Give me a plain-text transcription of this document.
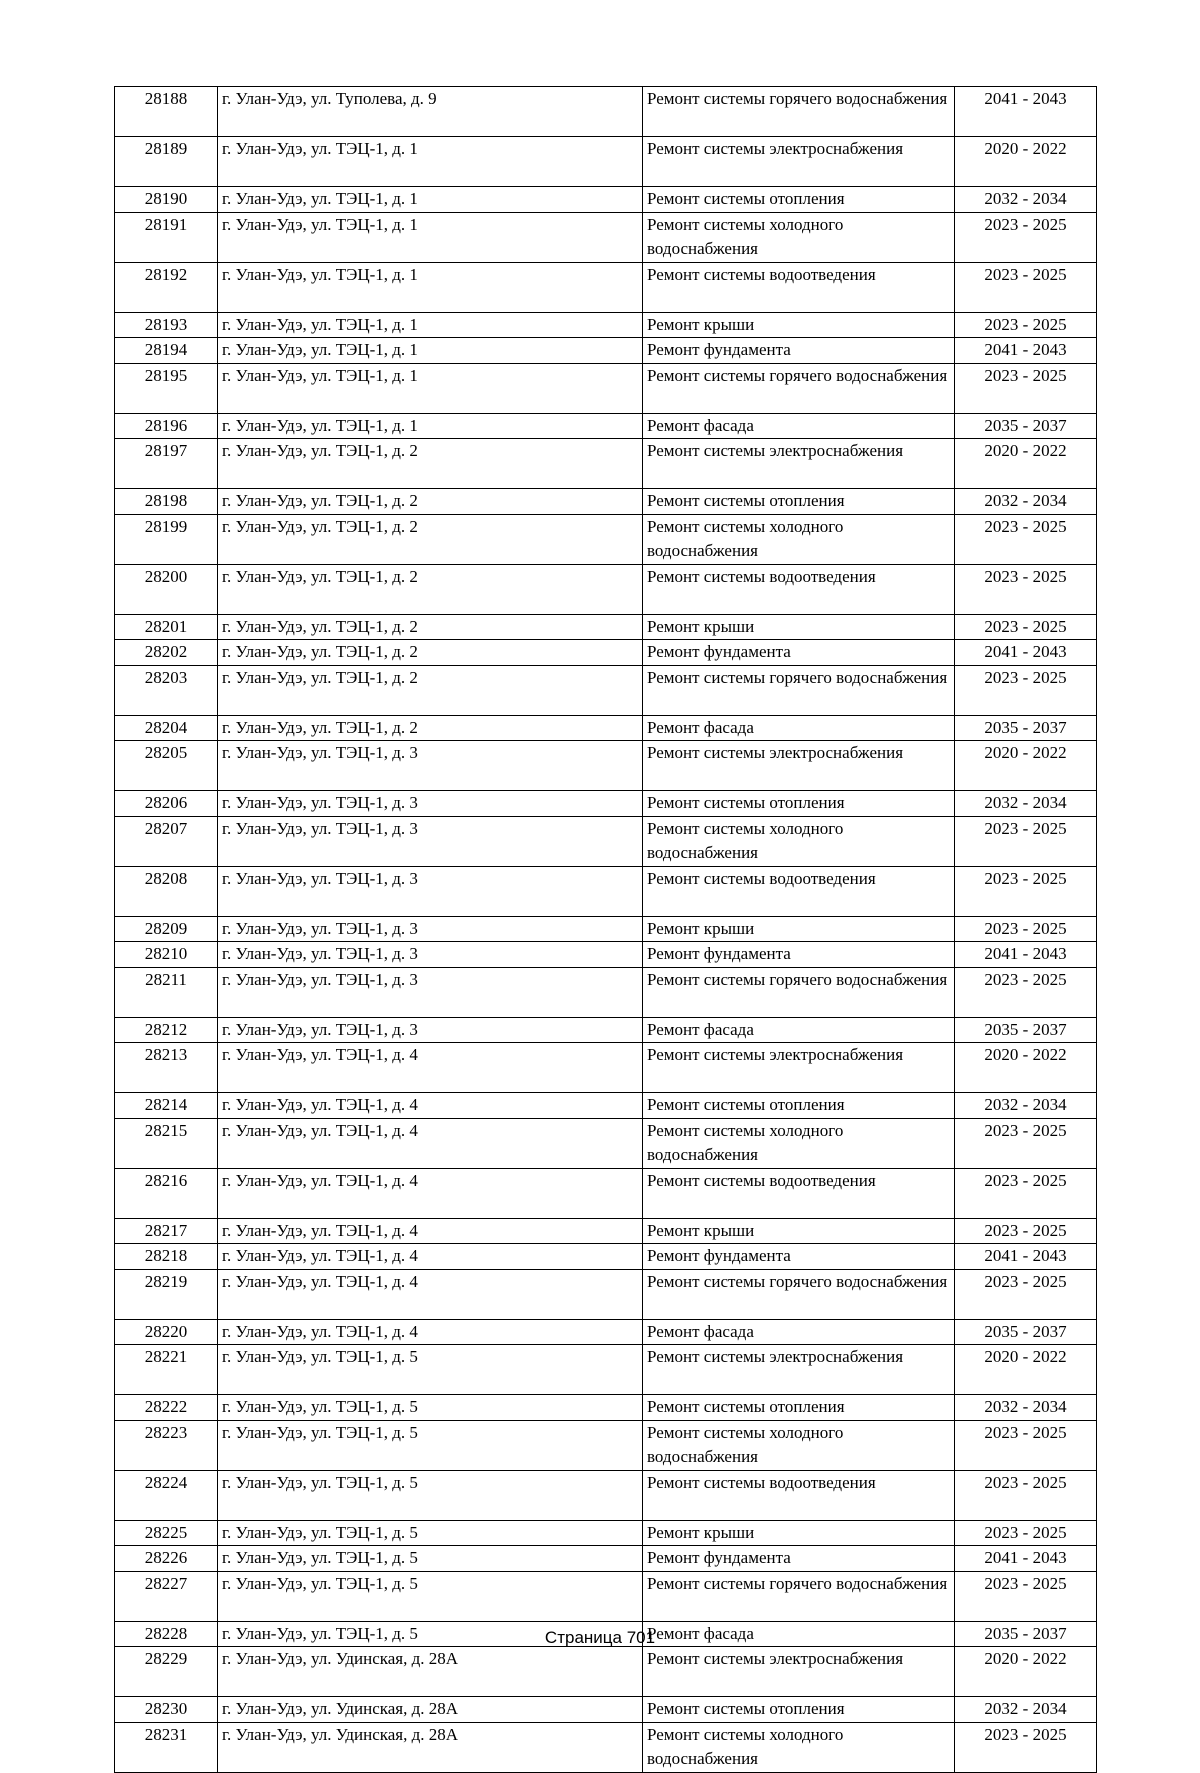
28188	г. Улан-Удэ, ул. Туполева, д. 9	Ремонт системы горячего водоснабжения	2041 - 2043
28189	г. Улан-Удэ, ул. ТЭЦ-1, д. 1	Ремонт системы электроснабжения	2020 - 2022
28190	г. Улан-Удэ, ул. ТЭЦ-1, д. 1	Ремонт системы отопления	2032 - 2034
28191	г. Улан-Удэ, ул. ТЭЦ-1, д. 1	Ремонт системы холодного водоснабжения	2023 - 2025
28192	г. Улан-Удэ, ул. ТЭЦ-1, д. 1	Ремонт системы водоотведения	2023 - 2025
28193	г. Улан-Удэ, ул. ТЭЦ-1, д. 1	Ремонт крыши	2023 - 2025
28194	г. Улан-Удэ, ул. ТЭЦ-1, д. 1	Ремонт фундамента	2041 - 2043
28195	г. Улан-Удэ, ул. ТЭЦ-1, д. 1	Ремонт системы горячего водоснабжения	2023 - 2025
28196	г. Улан-Удэ, ул. ТЭЦ-1, д. 1	Ремонт фасада	2035 - 2037
28197	г. Улан-Удэ, ул. ТЭЦ-1, д. 2	Ремонт системы электроснабжения	2020 - 2022
28198	г. Улан-Удэ, ул. ТЭЦ-1, д. 2	Ремонт системы отопления	2032 - 2034
28199	г. Улан-Удэ, ул. ТЭЦ-1, д. 2	Ремонт системы холодного водоснабжения	2023 - 2025
28200	г. Улан-Удэ, ул. ТЭЦ-1, д. 2	Ремонт системы водоотведения	2023 - 2025
28201	г. Улан-Удэ, ул. ТЭЦ-1, д. 2	Ремонт крыши	2023 - 2025
28202	г. Улан-Удэ, ул. ТЭЦ-1, д. 2	Ремонт фундамента	2041 - 2043
28203	г. Улан-Удэ, ул. ТЭЦ-1, д. 2	Ремонт системы горячего водоснабжения	2023 - 2025
28204	г. Улан-Удэ, ул. ТЭЦ-1, д. 2	Ремонт фасада	2035 - 2037
28205	г. Улан-Удэ, ул. ТЭЦ-1, д. 3	Ремонт системы электроснабжения	2020 - 2022
28206	г. Улан-Удэ, ул. ТЭЦ-1, д. 3	Ремонт системы отопления	2032 - 2034
28207	г. Улан-Удэ, ул. ТЭЦ-1, д. 3	Ремонт системы холодного водоснабжения	2023 - 2025
28208	г. Улан-Удэ, ул. ТЭЦ-1, д. 3	Ремонт системы водоотведения	2023 - 2025
28209	г. Улан-Удэ, ул. ТЭЦ-1, д. 3	Ремонт крыши	2023 - 2025
28210	г. Улан-Удэ, ул. ТЭЦ-1, д. 3	Ремонт фундамента	2041 - 2043
28211	г. Улан-Удэ, ул. ТЭЦ-1, д. 3	Ремонт системы горячего водоснабжения	2023 - 2025
28212	г. Улан-Удэ, ул. ТЭЦ-1, д. 3	Ремонт фасада	2035 - 2037
28213	г. Улан-Удэ, ул. ТЭЦ-1, д. 4	Ремонт системы электроснабжения	2020 - 2022
28214	г. Улан-Удэ, ул. ТЭЦ-1, д. 4	Ремонт системы отопления	2032 - 2034
28215	г. Улан-Удэ, ул. ТЭЦ-1, д. 4	Ремонт системы холодного водоснабжения	2023 - 2025
28216	г. Улан-Удэ, ул. ТЭЦ-1, д. 4	Ремонт системы водоотведения	2023 - 2025
28217	г. Улан-Удэ, ул. ТЭЦ-1, д. 4	Ремонт крыши	2023 - 2025
28218	г. Улан-Удэ, ул. ТЭЦ-1, д. 4	Ремонт фундамента	2041 - 2043
28219	г. Улан-Удэ, ул. ТЭЦ-1, д. 4	Ремонт системы горячего водоснабжения	2023 - 2025
28220	г. Улан-Удэ, ул. ТЭЦ-1, д. 4	Ремонт фасада	2035 - 2037
28221	г. Улан-Удэ, ул. ТЭЦ-1, д. 5	Ремонт системы электроснабжения	2020 - 2022
28222	г. Улан-Удэ, ул. ТЭЦ-1, д. 5	Ремонт системы отопления	2032 - 2034
28223	г. Улан-Удэ, ул. ТЭЦ-1, д. 5	Ремонт системы холодного водоснабжения	2023 - 2025
28224	г. Улан-Удэ, ул. ТЭЦ-1, д. 5	Ремонт системы водоотведения	2023 - 2025
28225	г. Улан-Удэ, ул. ТЭЦ-1, д. 5	Ремонт крыши	2023 - 2025
28226	г. Улан-Удэ, ул. ТЭЦ-1, д. 5	Ремонт фундамента	2041 - 2043
28227	г. Улан-Удэ, ул. ТЭЦ-1, д. 5	Ремонт системы горячего водоснабжения	2023 - 2025
28228	г. Улан-Удэ, ул. ТЭЦ-1, д. 5	Ремонт фасада	2035 - 2037
28229	г. Улан-Удэ, ул. Удинская, д. 28А	Ремонт системы электроснабжения	2020 - 2022
28230	г. Улан-Удэ, ул. Удинская, д. 28А	Ремонт системы отопления	2032 - 2034
28231	г. Улан-Удэ, ул. Удинская, д. 28А	Ремонт системы холодного водоснабжения	2023 - 2025
Страница 701
